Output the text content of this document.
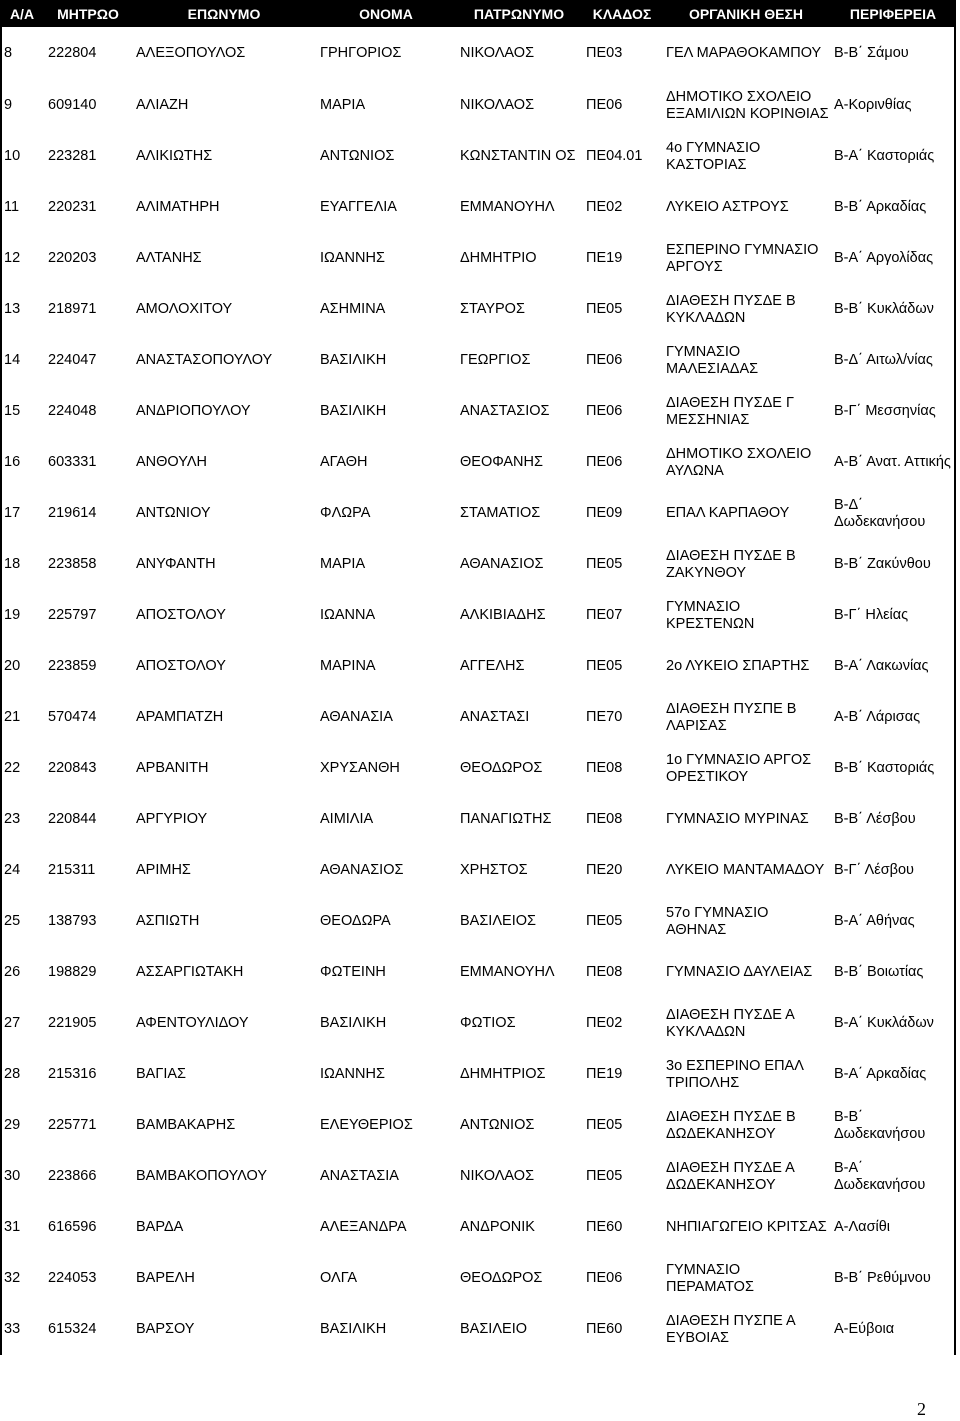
Α/Α	ΜΗΤΡΩΟ	ΕΠΩΝΥΜΟ	ΟΝΟΜΑ	ΠΑΤΡΩΝΥΜΟ	ΚΛΑΔΟΣ	ΟΡΓΑΝΙΚΗ ΘΕΣΗ	ΠΕΡΙΦΕΡΕΙΑ
8	222804	ΑΛΕΞΟΠΟΥΛΟΣ	ΓΡΗΓΟΡΙΟΣ	ΝΙΚΟΛΑΟΣ	ΠΕ03	ΓΕΛ ΜΑΡΑΘΟΚΑΜΠΟΥ	Β-Β΄ Σάμου
9	609140	ΑΛΙΑΖΗ	ΜΑΡΙΑ	ΝΙΚΟΛΑΟΣ	ΠΕ06	ΔΗΜΟΤΙΚΟ ΣΧΟΛΕΙΟ ΕΞΑΜΙΛΙΩΝ ΚΟΡΙΝΘΙΑΣ	Α-Κορινθίας
10	223281	ΑΛΙΚΙΩΤΗΣ	ΑΝΤΩΝΙΟΣ	ΚΩΝΣΤΑΝΤΙΝ ΟΣ	ΠΕ04.01	4ο ΓΥΜΝΑΣΙΟ ΚΑΣΤΟΡΙΑΣ	Β-Α΄ Καστοριάς
11	220231	ΑΛΙΜΑΤΗΡΗ	ΕΥΑΓΓΕΛΙΑ	ΕΜΜΑΝΟΥΗΛ	ΠΕ02	ΛΥΚΕΙΟ ΑΣΤΡΟΥΣ	Β-Β΄ Αρκαδίας
12	220203	ΑΛΤΑΝΗΣ	ΙΩΑΝΝΗΣ	ΔΗΜΗΤΡΙΟ	ΠΕ19	ΕΣΠΕΡΙΝΟ ΓΥΜΝΑΣΙΟ ΑΡΓΟΥΣ	Β-Α΄ Αργολίδας
13	218971	ΑΜΟΛΟΧΙΤΟΥ	ΑΣΗΜΙΝΑ	ΣΤΑΥΡΟΣ	ΠΕ05	ΔΙΑΘΕΣΗ ΠΥΣΔΕ Β ΚΥΚΛΑΔΩΝ	Β-Β΄ Κυκλάδων
14	224047	ΑΝΑΣΤΑΣΟΠΟΥΛΟΥ	ΒΑΣΙΛΙΚΗ	ΓΕΩΡΓΙΟΣ	ΠΕ06	ΓΥΜΝΑΣΙΟ ΜΑΛΕΣΙΑΔΑΣ	Β-Δ΄ Αιτωλ/νίας
15	224048	ΑΝΔΡΙΟΠΟΥΛΟΥ	ΒΑΣΙΛΙΚΗ	ΑΝΑΣΤΑΣΙΟΣ	ΠΕ06	ΔΙΑΘΕΣΗ ΠΥΣΔΕ Γ ΜΕΣΣΗΝΙΑΣ	Β-Γ΄ Μεσσηνίας
16	603331	ΑΝΘΟΥΛΗ	ΑΓΑΘΗ	ΘΕΟΦΑΝΗΣ	ΠΕ06	ΔΗΜΟΤΙΚΟ ΣΧΟΛΕΙΟ ΑΥΛΩΝΑ	Α-Β΄ Ανατ. Αττικής
17	219614	ΑΝΤΩΝΙΟΥ	ΦΛΩΡΑ	ΣΤΑΜΑΤΙΟΣ	ΠΕ09	ΕΠΑΛ ΚΑΡΠΑΘΟΥ	Β-Δ΄ Δωδεκανήσου
18	223858	ΑΝΥΦΑΝΤΗ	ΜΑΡΙΑ	ΑΘΑΝΑΣΙΟΣ	ΠΕ05	ΔΙΑΘΕΣΗ ΠΥΣΔΕ Β ΖΑΚΥΝΘΟΥ	Β-Β΄ Ζακύνθου
19	225797	ΑΠΟΣΤΟΛΟΥ	ΙΩΑΝΝΑ	ΑΛΚΙΒΙΑΔΗΣ	ΠΕ07	ΓΥΜΝΑΣΙΟ ΚΡΕΣΤΕΝΩΝ	Β-Γ΄ Ηλείας
20	223859	ΑΠΟΣΤΟΛΟΥ	ΜΑΡΙΝΑ	ΑΓΓΕΛΗΣ	ΠΕ05	2ο ΛΥΚΕΙΟ ΣΠΑΡΤΗΣ	Β-Α΄ Λακωνίας
21	570474	ΑΡΑΜΠΑΤΖΗ	ΑΘΑΝΑΣΙΑ	ΑΝΑΣΤΑΣΙ	ΠΕ70	ΔΙΑΘΕΣΗ ΠΥΣΠΕ Β ΛΑΡΙΣΑΣ	Α-Β΄ Λάρισας
22	220843	ΑΡΒΑΝΙΤΗ	ΧΡΥΣΑΝΘΗ	ΘΕΟΔΩΡΟΣ	ΠΕ08	1ο ΓΥΜΝΑΣΙΟ ΑΡΓΟΣ ΟΡΕΣΤΙΚΟΥ	Β-Β΄ Καστοριάς
23	220844	ΑΡΓΥΡΙΟΥ	ΑΙΜΙΛΙΑ	ΠΑΝΑΓΙΩΤΗΣ	ΠΕ08	ΓΥΜΝΑΣΙΟ ΜΥΡΙΝΑΣ	Β-Β΄ Λέσβου
24	215311	ΑΡΙΜΗΣ	ΑΘΑΝΑΣΙΟΣ	ΧΡΗΣΤΟΣ	ΠΕ20	ΛΥΚΕΙΟ ΜΑΝΤΑΜΑΔΟΥ	Β-Γ΄ Λέσβου
25	138793	ΑΣΠΙΩΤΗ	ΘΕΟΔΩΡΑ	ΒΑΣΙΛΕΙΟΣ	ΠΕ05	57ο ΓΥΜΝΑΣΙΟ ΑΘΗΝΑΣ	Β-Α΄ Αθήνας
26	198829	ΑΣΣΑΡΓΙΩΤΑΚΗ	ΦΩΤΕΙΝΗ	ΕΜΜΑΝΟΥΗΛ	ΠΕ08	ΓΥΜΝΑΣΙΟ ΔΑΥΛΕΙΑΣ	Β-Β΄ Βοιωτίας
27	221905	ΑΦΕΝΤΟΥΛΙΔΟΥ	ΒΑΣΙΛΙΚΗ	ΦΩΤΙΟΣ	ΠΕ02	ΔΙΑΘΕΣΗ ΠΥΣΔΕ Α ΚΥΚΛΑΔΩΝ	Β-Α΄ Κυκλάδων
28	215316	ΒΑΓΙΑΣ	ΙΩΑΝΝΗΣ	ΔΗΜΗΤΡΙΟΣ	ΠΕ19	3ο ΕΣΠΕΡΙΝΟ ΕΠΑΛ ΤΡΙΠΟΛΗΣ	Β-Α΄ Αρκαδίας
29	225771	ΒΑΜΒΑΚΑΡΗΣ	ΕΛΕΥΘΕΡΙΟΣ	ΑΝΤΩΝΙΟΣ	ΠΕ05	ΔΙΑΘΕΣΗ ΠΥΣΔΕ Β ΔΩΔΕΚΑΝΗΣΟΥ	Β-Β΄ Δωδεκανήσου
30	223866	ΒΑΜΒΑΚΟΠΟΥΛΟΥ	ΑΝΑΣΤΑΣΙΑ	ΝΙΚΟΛΑΟΣ	ΠΕ05	ΔΙΑΘΕΣΗ ΠΥΣΔΕ Α ΔΩΔΕΚΑΝΗΣΟΥ	Β-Α΄ Δωδεκανήσου
31	616596	ΒΑΡΔΑ	ΑΛΕΞΑΝΔΡΑ	ΑΝΔΡΟΝΙΚ	ΠΕ60	ΝΗΠΙΑΓΩΓΕΙΟ ΚΡΙΤΣΑΣ	Α-Λασίθι
32	224053	ΒΑΡΕΛΗ	ΟΛΓΑ	ΘΕΟΔΩΡΟΣ	ΠΕ06	ΓΥΜΝΑΣΙΟ ΠΕΡΑΜΑΤΟΣ	Β-Β΄ Ρεθύμνου
33	615324	ΒΑΡΣΟΥ	ΒΑΣΙΛΙΚΗ	ΒΑΣΙΛΕΙΟ	ΠΕ60	ΔΙΑΘΕΣΗ ΠΥΣΠΕ Α ΕΥΒΟΙΑΣ	Α-Εύβοια
2
